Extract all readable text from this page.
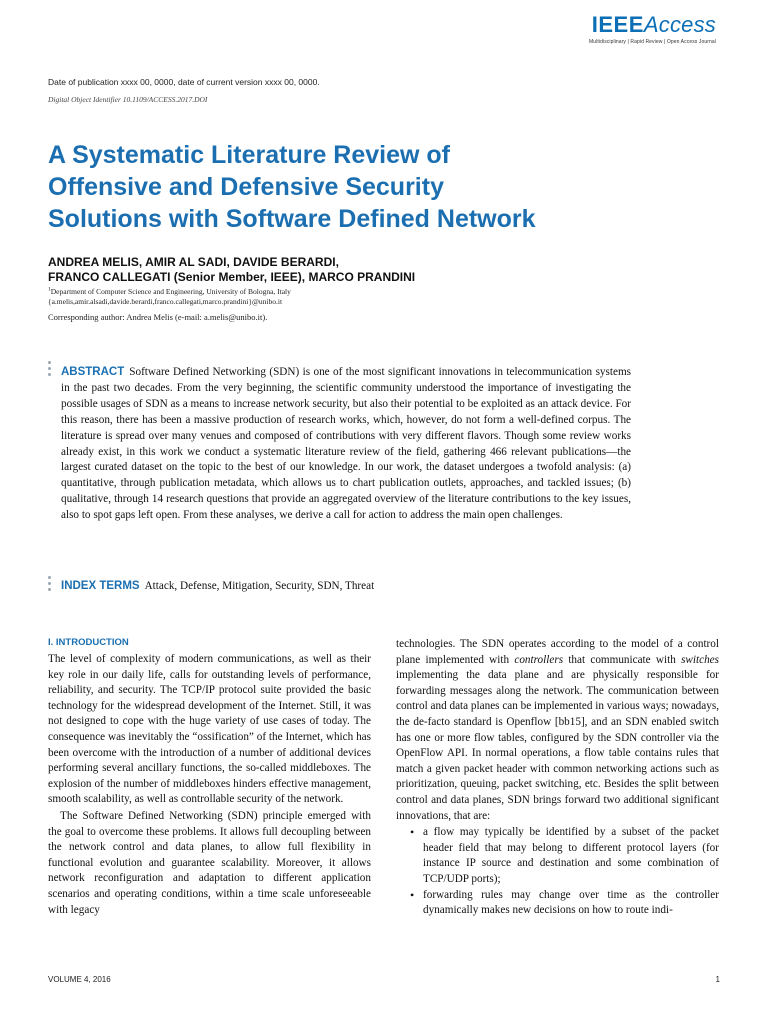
IEEEAccess
Multidisciplinary | Rapid Review | Open Access Journal
Date of publication xxxx 00, 0000, date of current version xxxx 00, 0000.
Digital Object Identifier 10.1109/ACCESS.2017.DOI
A Systematic Literature Review of
Offensive and Defensive Security
Solutions with Software Defined Network
ANDREA MELIS, AMIR AL SADI, DAVIDE BERARDI,
FRANCO CALLEGATI (Senior Member, IEEE), MARCO PRANDINI
$^1$Department of Computer Science and Engineering, University of Bologna, Italy
{a.melis,amir.alsadi,davide.berardi,franco.callegati,marco.prandini}@unibo.it
Corresponding author: Andrea Melis (e-mail: a.melis@unibo.it).
ABSTRACT Software Defined Networking (SDN) is one of the most significant innovations in telecommunication systems in the past two decades. From the very beginning, the scientific community understood the importance of investigating the possible usages of SDN as a means to increase network security, but also their potential to be exploited as an attack device. For this reason, there has been a massive production of research works, which, however, do not form a well-defined corpus. The literature is spread over many venues and composed of contributions with very different flavors. Though some review works already exist, in this work we conduct a systematic literature review of the field, gathering 466 relevant publications—the largest curated dataset on the topic to the best of our knowledge. In our work, the dataset undergoes a twofold analysis: (a) quantitative, through publication metadata, which allows us to chart publication outlets, approaches, and tackled issues; (b) qualitative, through 14 research questions that provide an aggregated overview of the literature contributions to the key issues, also to spot gaps left open. From these analyses, we derive a call for action to address the main open challenges.
INDEX TERMS Attack, Defense, Mitigation, Security, SDN, Threat
I. INTRODUCTION

The level of complexity of modern communications, as well as their key role in our daily life, calls for outstanding levels of performance, reliability, and security. The TCP/IP protocol suite provided the basic technology for the widespread development of the Internet. Still, it was not designed to cope with the huge variety of use cases of today. The consequence was inevitably the “ossification” of the Internet, which has been overcome with the introduction of a number of additional devices performing several ancillary functions, the so-called middleboxes. The explosion of the number of middleboxes hinders effective management, smooth scalability, as well as controllable security of the network.

The Software Defined Networking (SDN) principle emerged with the goal to overcome these problems. It allows full decoupling between the network control and data planes, to allow full flexibility in functional evolution and guarantee scalability. Moreover, it allows network reconfiguration and adaptation to different application scenarios and operating conditions, within a time scale unforeseeable with legacy

technologies. The SDN operates according to the model of a control plane implemented with controllers that communicate with switches implementing the data plane and are physically responsible for forwarding messages along the network. The communication between control and data planes can be implemented in various ways; nowadays, the de-facto standard is Openflow [bb15], and an SDN enabled switch has one or more flow tables, configured by the SDN controller via the OpenFlow API. In normal operations, a flow table contains rules that match a given packet header with common networking actions such as prioritization, queuing, packet switching, etc. Besides the split between control and data planes, SDN brings forward two additional significant innovations, that are:

• a flow may typically be identified by a subset of the packet header field that may belong to different protocol layers (for instance IP source and destination and some combination of TCP/UDP ports);
• forwarding rules may change over time as the controller dynamically makes new decisions on how to route indi-
VOLUME 4, 2016	1
